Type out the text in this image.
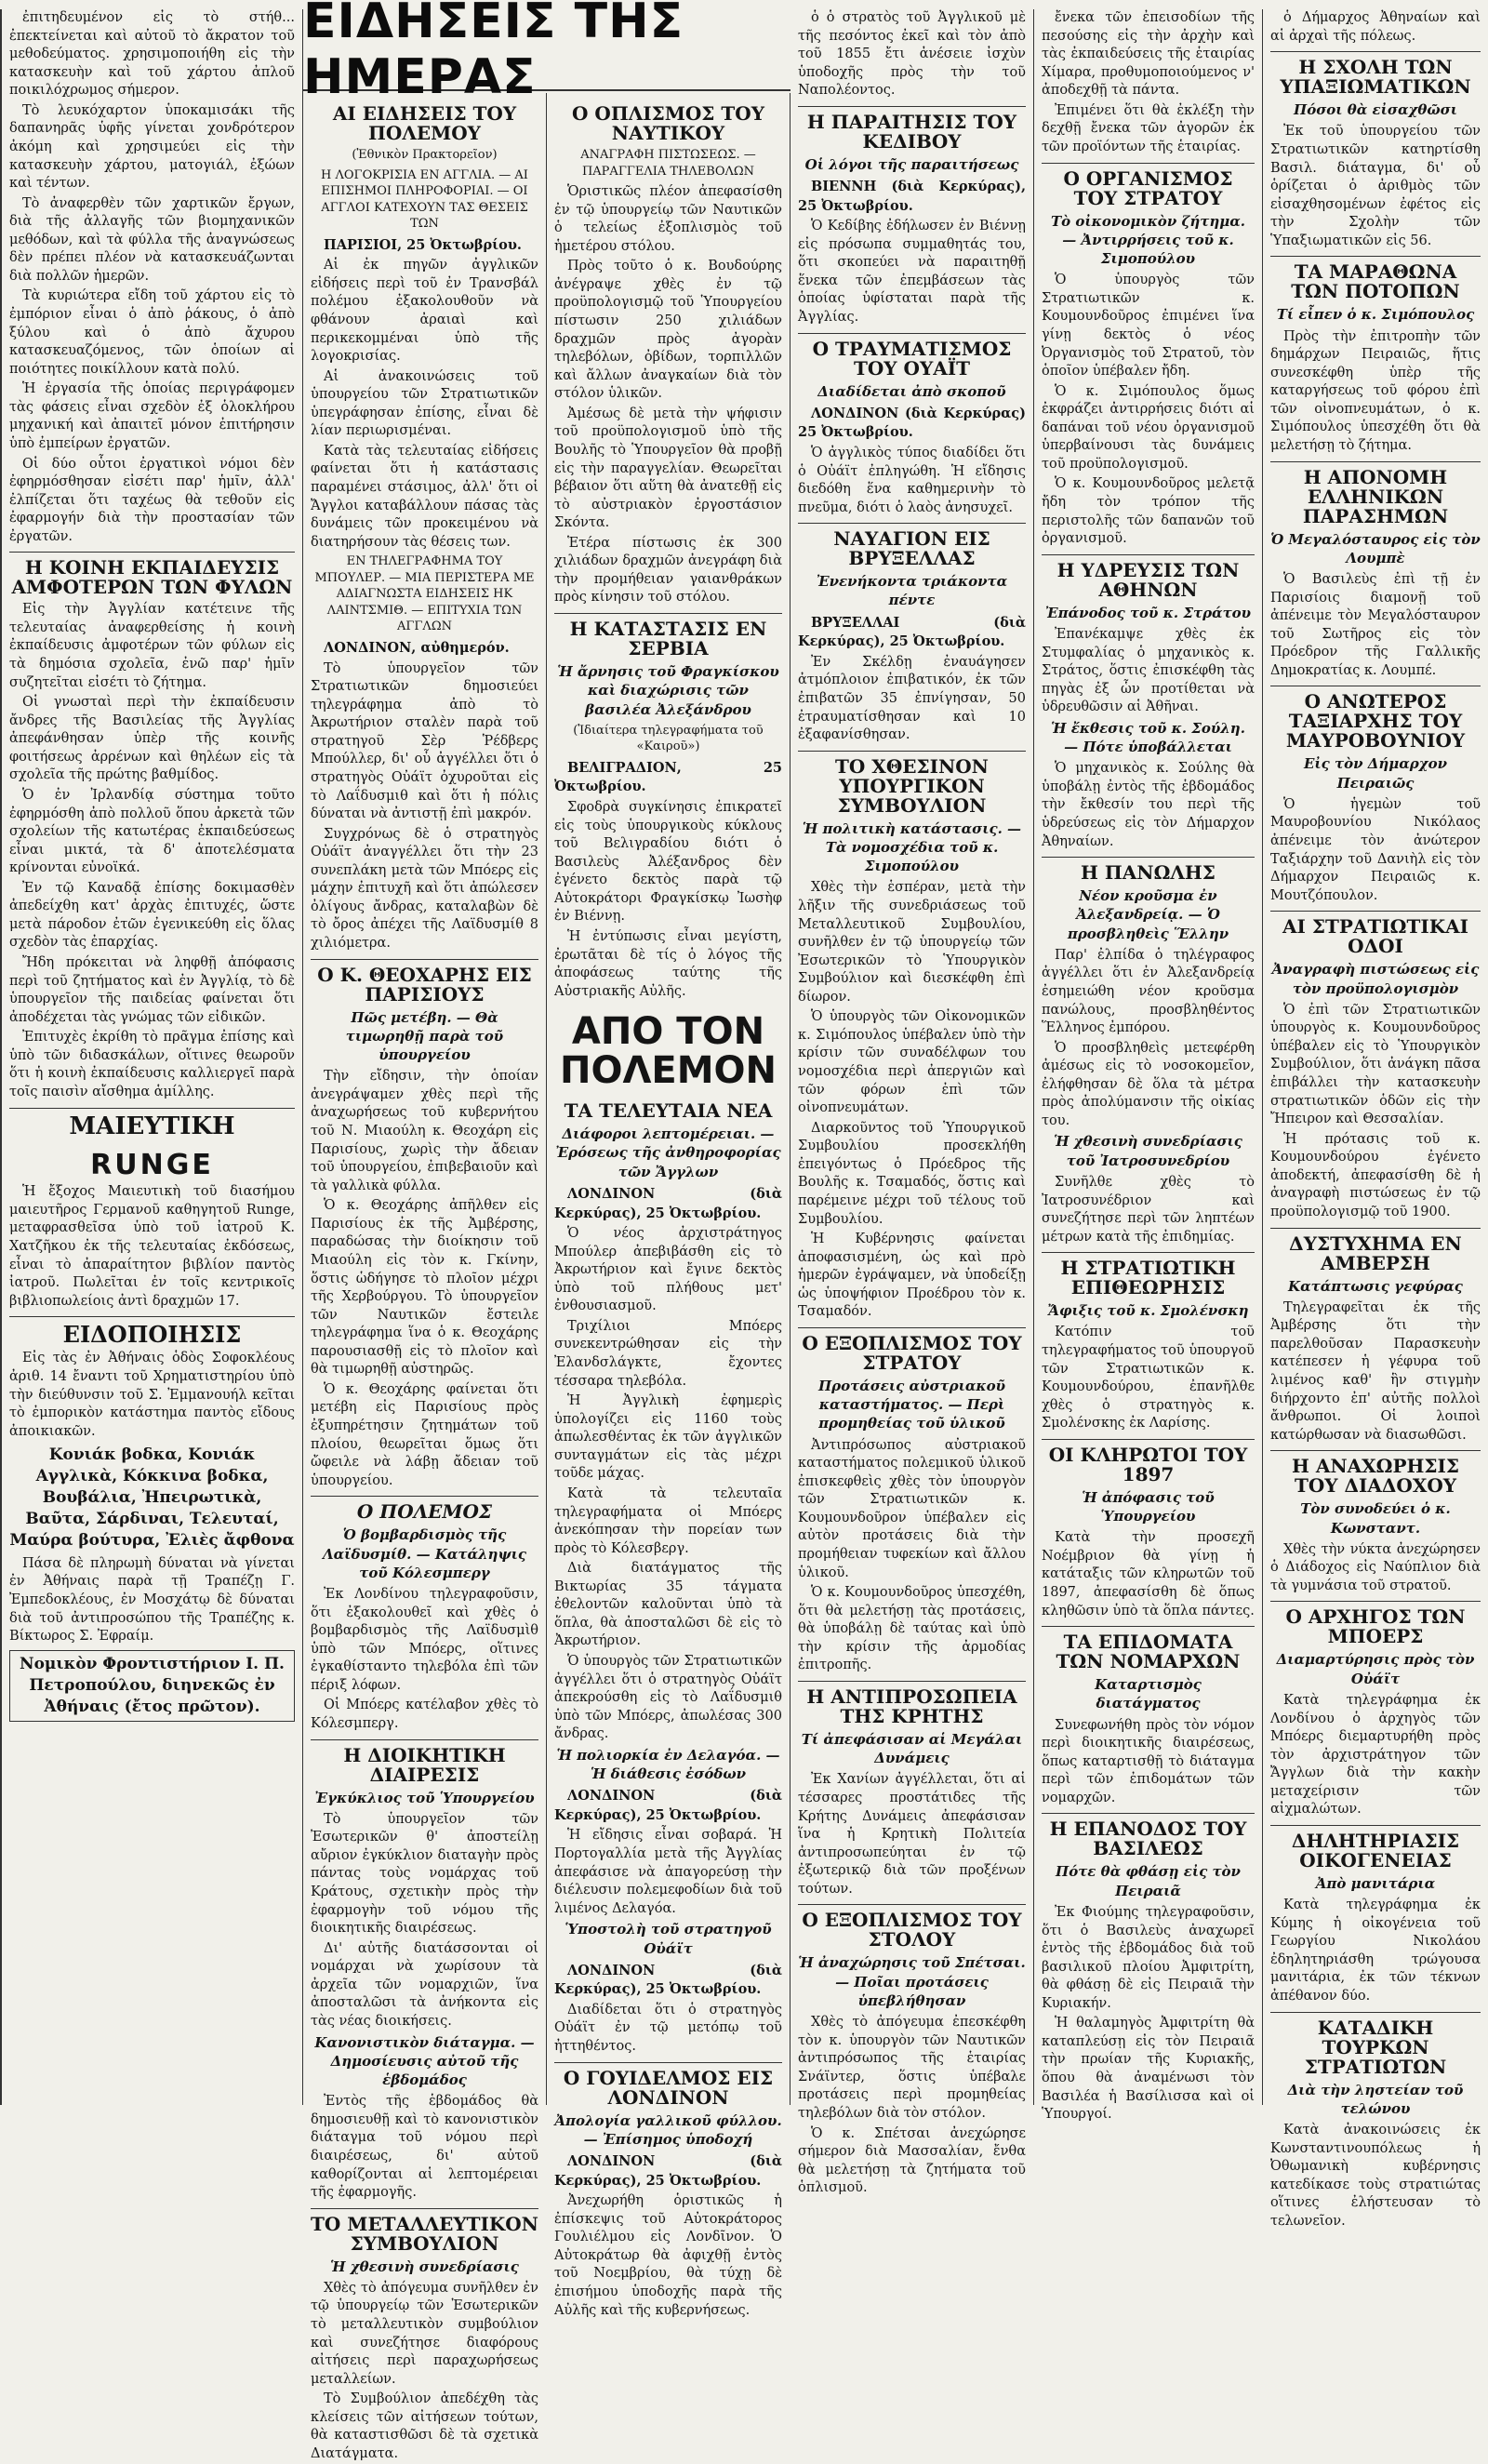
ΕΙΔΗΣΕΙΣ ΤΗΣ ΗΜΕΡΑΣ

ἐπιτηδευμένον εἰς τὸ στήθ... ἐπεκτείνεται καὶ αὐτοῦ τὸ ἄκρατον τοῦ μεθοδεύματος. χρησιμοποιήθη εἰς τὴν κατασκευὴν καὶ τοῦ χάρτου ἀπλοῦ ποικιλόχρωμος σήμερον.

Τὸ λευκόχαρτον ὑποκαμισάκι τῆς δαπανηρᾶς ὑφῆς γίνεται χονδρότερον ἀκόμη καὶ χρησιμεύει εἰς τὴν κατασκευὴν χάρτου, ματογιάλ, ἐξώων καὶ τέντων.

Τὸ ἀναφερθὲν τῶν χαρτικῶν ἔργων, διὰ τῆς ἀλλαγῆς τῶν βιομηχανικῶν μεθόδων, καὶ τὰ φύλλα τῆς ἀναγνώσεως δὲν πρέπει πλέον νὰ κατασκευάζωνται διὰ πολλῶν ἡμερῶν.

Τὰ κυριώτερα εἴδη τοῦ χάρτου εἰς τὸ ἐμπόριον εἶναι ὁ ἀπὸ ῥάκους, ὁ ἀπὸ ξύλου καὶ ὁ ἀπὸ ἄχυρου κατασκευαζόμενος, τῶν ὁποίων αἱ ποιότητες ποικίλλουν κατὰ πολύ.

Ἡ ἐργασία τῆς ὁποίας περιγράφομεν τὰς φάσεις εἶναι σχεδὸν ἐξ ὁλοκλήρου μηχανική καὶ ἀπαιτεῖ μόνον ἐπιτήρησιν ὑπὸ ἐμπείρων ἐργατῶν.

Οἱ δύο οὗτοι ἐργατικοὶ νόμοι δὲν ἐφηρμόσθησαν εἰσέτι παρ' ἡμῖν, ἀλλ' ἐλπίζεται ὅτι ταχέως θὰ τεθοῦν εἰς ἐφαρμογήν διὰ τὴν προστασίαν τῶν ἐργατῶν.

Η ΚΟΙΝΗ ΕΚΠΑΙΔΕΥΣΙΣ ΑΜΦΟΤΕΡΩΝ ΤΩΝ ΦΥΛΩΝ

Εἰς τὴν Ἀγγλίαν κατέτεινε τῆς τελευταίας ἀναφερθείσης ἡ κοινὴ ἐκπαίδευσις ἀμφοτέρων τῶν φύλων εἰς τὰ δημόσια σχολεῖα, ἐνῶ παρ' ἡμῖν συζητεῖται εἰσέτι τὸ ζήτημα.

Οἱ γνωσταὶ περὶ τὴν ἐκπαίδευσιν ἄνδρες τῆς Βασιλείας τῆς Ἀγγλίας ἀπεφάνθησαν ὑπὲρ τῆς κοινῆς φοιτήσεως ἀρρένων καὶ θηλέων εἰς τὰ σχολεῖα τῆς πρώτης βαθμίδος.

Ὁ ἐν Ἰρλανδίᾳ σύστημα τοῦτο ἐφηρμόσθη ἀπὸ πολλοῦ ὅπου ἀρκετὰ τῶν σχολείων τῆς κατωτέρας ἐκπαιδεύσεως εἶναι μικτά, τὰ δ' ἀποτελέσματα κρίνονται εὐνοϊκά.

Ἐν τῷ Καναδᾷ ἐπίσης δοκιμασθὲν ἀπεδείχθη κατ' ἀρχὰς ἐπιτυχές, ὥστε μετὰ πάροδον ἐτῶν ἐγενικεύθη εἰς ὅλας σχεδὸν τὰς ἐπαρχίας.

Ἤδη πρόκειται νὰ ληφθῇ ἀπόφασις περὶ τοῦ ζητήματος καὶ ἐν Ἀγγλίᾳ, τὸ δὲ ὑπουργεῖον τῆς παιδείας φαίνεται ὅτι ἀποδέχεται τὰς γνώμας τῶν εἰδικῶν.

Ἐπιτυχὲς ἐκρίθη τὸ πρᾶγμα ἐπίσης καὶ ὑπὸ τῶν διδασκάλων, οἵτινες θεωροῦν ὅτι ἡ κοινὴ ἐκπαίδευσις καλλιεργεῖ παρὰ τοῖς παισὶν αἴσθημα ἁμίλλης.

ΜΑΙΕΥΤΙΚΗ
RUNGE

Ἡ ἔξοχος Μαιευτικὴ τοῦ διασήμου μαιευτῆρος Γερμανοῦ καθηγητοῦ Runge, μεταφρασθεῖσα ὑπὸ τοῦ ἰατροῦ Κ. Χατζῆκου ἐκ τῆς τελευταίας ἐκδόσεως, εἶναι τὸ ἀπαραίτητον βιβλίον παντὸς ἰατροῦ. Πωλεῖται ἐν τοῖς κεντρικοῖς βιβλιοπωλείοις ἀντὶ δραχμῶν 17.

ΕΙΔΟΠΟΙΗΣΙΣ

Εἰς τὰς ἐν Ἀθήναις ὁδὸς Σοφοκλέους ἀριθ. 14 ἔναντι τοῦ Χρηματιστηρίου ὑπὸ τὴν διεύθυνσιν τοῦ Σ. Ἐμμανουήλ κεῖται τὸ ἐμπορικὸν κατάστημα παντὸς εἴδους ἀποικιακῶν.

Κονιάκ βοδκα, Κονιάκ Αγγλικὰ, Κόκκινα βοδκα, Βουβάλια, Ἠπειρωτικὰ, Βαῦτα, Σάρδιναι, Τελευταί, Μαύρα βούτυρα, Ἐλιὲς ἄφθονα

Πάσα δὲ πληρωμὴ δύναται νὰ γίνεται ἐν Ἀθήναις παρὰ τῇ Τραπέζῃ Γ. Ἐμπεδοκλέους, ἐν Μοσχάτῳ δὲ δύναται διὰ τοῦ ἀντιπροσώπου τῆς Τραπέζης κ. Βίκτωρος Σ. Ἐφραίμ.

Νομικὸν Φροντιστήριον I. Π. Πετροπούλου, διηνεκῶς ἐν Ἀθήναις (ἔτος πρῶτον).
ΑΙ ΕΙΔΗΣΕΙΣ ΤΟΥ ΠΟΛΕΜΟΥ
(Ἐθνικὸν Πρακτορεῖον)
Η ΛΟΓΟΚΡΙΣΙΑ ΕΝ ΑΓΓΛΙΑ. — ΑΙ ΕΠΙΣΗΜΟΙ ΠΛΗΡΟΦΟΡΙΑΙ. — ΟΙ ΑΓΓΛΟΙ ΚΑΤΕΧΟΥΝ ΤΑΣ ΘΕΣΕΙΣ ΤΩΝ

ΠΑΡΙΣΙΟΙ, 25 Ὀκτωβρίου.

Αἱ ἐκ πηγῶν ἀγγλικῶν εἰδήσεις περὶ τοῦ ἐν Τρανσβάλ πολέμου ἐξακολουθοῦν νὰ φθάνουν ἀραιαὶ καὶ περικεκομμέναι ὑπὸ τῆς λογοκρισίας.

Αἱ ἀνακοινώσεις τοῦ ὑπουργείου τῶν Στρατιωτικῶν ὑπεγράφησαν ἐπίσης, εἶναι δὲ λίαν περιωρισμέναι.

Κατὰ τὰς τελευταίας εἰδήσεις φαίνεται ὅτι ἡ κατάστασις παραμένει στάσιμος, ἀλλ' ὅτι οἱ Ἄγγλοι καταβάλλουν πάσας τὰς δυνάμεις τῶν προκειμένου νὰ διατηρήσουν τὰς θέσεις των.

ΕΝ ΤΗΛΕΓΡΑΦΗΜΑ ΤΟΥ ΜΠΟΥΛΕΡ. — ΜΙΑ ΠΕΡΙΣΤΕΡΑ ΜΕ ΑΔΙΑΓΝΩΣΤΑ ΕΙΔΗΣΕΙΣ ΗΚ ΛΑΙΝΤΣΜΙΘ. — ΕΠΙΤΥΧΙΑ ΤΩΝ ΑΓΓΛΩΝ

ΛΟΝΔΙΝΟΝ, αὐθημερόν.

Τὸ ὑπουργεῖον τῶν Στρατιωτικῶν δημοσιεύει τηλεγράφημα ἀπὸ τὸ Ἀκρωτήριον σταλὲν παρὰ τοῦ στρατηγοῦ Σὲρ Ῥέδβερς Μπούλλερ, δι' οὗ ἀγγέλλει ὅτι ὁ στρατηγὸς Οὐάϊτ ὀχυροῦται εἰς τὸ Λαΐδυσμιθ καὶ ὅτι ἡ πόλις δύναται νὰ ἀντιστῇ ἐπὶ μακρόν.

Συγχρόνως δὲ ὁ στρατηγὸς Οὐάϊτ ἀναγγέλλει ὅτι τὴν 23 συνεπλάκη μετὰ τῶν Μπόερς εἰς μάχην ἐπιτυχῆ καὶ ὅτι ἀπώλεσεν ὀλίγους ἄνδρας, καταλαβὼν δὲ τὸ ὄρος ἀπέχει τῆς Λαϊδυσμίθ 8 χιλιόμετρα.

Ο Κ. ΘΕΟΧΑΡΗΣ ΕΙΣ ΠΑΡΙΣΙΟΥΣ
Πῶς μετέβη. — Θὰ τιμωρηθῇ παρὰ τοῦ ὑπουργείου

Τὴν εἴδησιν, τὴν ὁποίαν ἀνεγράψαμεν χθὲς περὶ τῆς ἀναχωρήσεως τοῦ κυβερνήτου τοῦ Ν. Μιαούλη κ. Θεοχάρη εἰς Παρισίους, χωρὶς τὴν ἄδειαν τοῦ ὑπουργείου, ἐπιβεβαιοῦν καὶ τὰ γαλλικὰ φύλλα.

Ὁ κ. Θεοχάρης ἀπῆλθεν εἰς Παρισίους ἐκ τῆς Ἀμβέρσης, παραδώσας τὴν διοίκησιν τοῦ Μιαούλη εἰς τὸν κ. Γκίνην, ὅστις ὡδήγησε τὸ πλοῖον μέχρι τῆς Χερβούργου. Τὸ ὑπουργεῖον τῶν Ναυτικῶν ἔστειλε τηλεγράφημα ἵνα ὁ κ. Θεοχάρης παρουσιασθῇ εἰς τὸ πλοῖον καὶ θὰ τιμωρηθῇ αὐστηρῶς.

Ὁ κ. Θεοχάρης φαίνεται ὅτι μετέβη εἰς Παρισίους πρὸς ἐξυπηρέτησιν ζητημάτων τοῦ πλοίου, θεωρεῖται ὅμως ὅτι ὤφειλε νὰ λάβῃ ἄδειαν τοῦ ὑπουργείου.

Ο ΠΟΛΕΜΟΣ
Ὁ βομβαρδισμὸς τῆς Λαϊδυσμίθ. — Κατάληψις τοῦ Κόλεσμπεργ

Ἐκ Λονδίνου τηλεγραφοῦσιν, ὅτι ἐξακολουθεῖ καὶ χθὲς ὁ βομβαρδισμὸς τῆς Λαϊδυσμὶθ ὑπὸ τῶν Μπόερς, οἵτινες ἐγκαθίσταντο τηλεβόλα ἐπὶ τῶν πέριξ λόφων.

Οἱ Μπόερς κατέλαβον χθὲς τὸ Κόλεσμπεργ.

Η ΔΙΟΙΚΗΤΙΚΗ ΔΙΑΙΡΕΣΙΣ
Ἐγκύκλιος τοῦ Ὑπουργείου

Τὸ ὑπουργεῖον τῶν Ἐσωτερικῶν θ' ἀποστείλῃ αὔριον ἐγκύκλιον διαταγὴν πρὸς πάντας τοὺς νομάρχας τοῦ Κράτους, σχετικὴν πρὸς τὴν ἐφαρμογὴν τοῦ νόμου τῆς διοικητικῆς διαιρέσεως.

Δι' αὐτῆς διατάσσονται οἱ νομάρχαι νὰ χωρίσουν τὰ ἀρχεῖα τῶν νομαρχιῶν, ἵνα ἀποσταλῶσι τὰ ἀνήκοντα εἰς τὰς νέας διοικήσεις.

Κανονιστικὸν διάταγμα. — Δημοσίευσις αὐτοῦ τῆς ἑβδομάδος

Ἐντὸς τῆς ἑβδομάδος θὰ δημοσιευθῇ καὶ τὸ κανονιστικὸν διάταγμα τοῦ νόμου περὶ διαιρέσεως, δι' αὐτοῦ καθορίζονται αἱ λεπτομέρειαι τῆς ἐφαρμογῆς.

ΤΟ ΜΕΤΑΛΛΕΥΤΙΚΟΝ ΣΥΜΒΟΥΛΙΟΝ
Ἡ χθεσινὴ συνεδρίασις

Χθὲς τὸ ἀπόγευμα συνῆλθεν ἐν τῷ ὑπουργείῳ τῶν Ἐσωτερικῶν τὸ μεταλλευτικὸν συμβούλιον καὶ συνεζήτησε διαφόρους αἰτήσεις περὶ παραχωρήσεως μεταλλείων.

Τὸ Συμβούλιον ἀπεδέχθη τὰς κλείσεις τῶν αἰτήσεων τούτων, θὰ καταστισθῶσι δὲ τὰ σχετικὰ Διατάγματα.

Ο ΟΠΛΙΣΜΟΣ ΤΟΥ ΝΑΥΤΙΚΟΥ
ΑΝΑΓΡΑΦΗ ΠΙΣΤΩΣΕΩΣ. — ΠΑΡΑΓΓΕΛΙΑ ΤΗΛΕΒΟΛΩΝ

Ὁριστικῶς πλέον ἀπεφασίσθη ἐν τῷ ὑπουργείῳ τῶν Ναυτικῶν ὁ τελείως ἐξοπλισμὸς τοῦ ἡμετέρου στόλου.

Πρὸς τοῦτο ὁ κ. Βουδούρης ἀνέγραψε χθὲς ἐν τῷ προϋπολογισμῷ τοῦ Ὑπουργείου πίστωσιν 250 χιλιάδων δραχμῶν πρὸς ἀγορὰν τηλεβόλων, ὀβίδων, τορπιλλῶν καὶ ἄλλων ἀναγκαίων διὰ τὸν στόλον ὑλικῶν.

Ἀμέσως δὲ μετὰ τὴν ψήφισιν τοῦ προϋπολογισμοῦ ὑπὸ τῆς Βουλῆς τὸ Ὑπουργεῖον θὰ προβῇ εἰς τὴν παραγγελίαν. Θεωρεῖται βέβαιον ὅτι αὕτη θὰ ἀνατεθῇ εἰς τὸ αὐστριακὸν ἐργοστάσιον Σκόντα.

Ἑτέρα πίστωσις ἐκ 300 χιλιάδων δραχμῶν ἀνεγράφη διὰ τὴν προμήθειαν γαιανθράκων πρὸς κίνησιν τοῦ στόλου.

Η ΚΑΤΑΣΤΑΣΙΣ ΕΝ ΣΕΡΒΙΑ
Ἡ ἄρνησις τοῦ Φραγκίσκου καὶ διαχώρισις τῶν βασιλέα Ἀλεξάνδρου
(Ἰδιαίτερα τηλεγραφήματα τοῦ «Καιροῦ»)

ΒΕΛΙΓΡΑΔΙΟΝ, 25 Ὀκτωβρίου.

Σφοδρὰ συγκίνησις ἐπικρατεῖ εἰς τοὺς ὑπουργικοὺς κύκλους τοῦ Βελιγραδίου διότι ὁ Βασιλεὺς Ἀλέξανδρος δὲν ἐγένετο δεκτὸς παρὰ τῷ Αὐτοκράτορι Φραγκίσκῳ Ἰωσὴφ ἐν Βιέννῃ.

Ἡ ἐντύπωσις εἶναι μεγίστη, ἐρωτᾶται δὲ τίς ὁ λόγος τῆς ἀποφάσεως ταύτης τῆς Αὐστριακῆς Αὐλῆς.

ΑΠΟ ΤΟΝ ΠΟΛΕΜΟΝ
ΤΑ ΤΕΛΕΥΤΑΙΑ ΝΕΑ
Διάφοροι λεπτομέρειαι. — Ἐρόσεως τῆς ἀνθηροφορίας τῶν Ἄγγλων

ΛΟΝΔΙΝΟΝ (διὰ Κερκύρας), 25 Ὀκτωβρίου.

Ὁ νέος ἀρχιστράτηγος Μπούλερ ἀπεβιβάσθη εἰς τὸ Ἀκρωτήριον καὶ ἔγινε δεκτὸς ὑπὸ τοῦ πλήθους μετ' ἐνθουσιασμοῦ.

Τριχίλιοι Μπόερς συνεκεντρώθησαν εἰς τὴν Ἐλανδσλάγκτε, ἔχοντες τέσσαρα τηλεβόλα.

Ἡ Ἀγγλικὴ ἐφημερὶς ὑπολογίζει εἰς 1160 τοὺς ἀπωλεσθέντας ἐκ τῶν ἀγγλικῶν συνταγμάτων εἰς τὰς μέχρι τοῦδε μάχας.

Κατὰ τὰ τελευταῖα τηλεγραφήματα οἱ Μπόερς ἀνεκόπησαν τὴν πορείαν των πρὸς τὸ Κόλεσβεργ.

Διὰ διατάγματος τῆς Βικτωρίας 35 τάγματα ἐθελοντῶν καλοῦνται ὑπὸ τὰ ὅπλα, θὰ ἀποσταλῶσι δὲ εἰς τὸ Ἀκρωτήριον.

Ὁ ὑπουργὸς τῶν Στρατιωτικῶν ἀγγέλλει ὅτι ὁ στρατηγὸς Οὐάϊτ ἀπεκρούσθη εἰς τὸ Λαΐδυσμιθ ὑπὸ τῶν Μπόερς, ἀπωλέσας 300 ἄνδρας.

Ἡ πολιορκία ἐν Δελαγόα. — Ἡ διάθεσις ἐσόδων

ΛΟΝΔΙΝΟΝ (διὰ Κερκύρας), 25 Ὀκτωβρίου.

Ἡ εἴδησις εἶναι σοβαρά. Ἡ Πορτογαλλία μετὰ τῆς Ἀγγλίας ἀπεφάσισε νὰ ἀπαγορεύσῃ τὴν διέλευσιν πολεμεφοδίων διὰ τοῦ λιμένος Δελαγόα.

Ὑποστολὴ τοῦ στρατηγοῦ Οὐάϊτ

ΛΟΝΔΙΝΟΝ (διὰ Κερκύρας), 25 Ὀκτωβρίου.

Διαδίδεται ὅτι ὁ στρατηγὸς Οὐάϊτ ἐν τῷ μετόπῳ τοῦ ἠττηθέντος.

Ο ΓΟΥΙΔΕΛΜΟΣ ΕΙΣ ΛΟΝΔΙΝΟΝ
Ἀπολογία γαλλικοῦ φύλλου. — Ἐπίσημος ὑποδοχή

ΛΟΝΔΙΝΟΝ (διὰ Κερκύρας), 25 Ὀκτωβρίου.

Ἀνεχωρήθη ὁριστικῶς ἡ ἐπίσκεψις τοῦ Αὐτοκράτορος Γουλιέλμου εἰς Λονδῖνον. Ὁ Αὐτοκράτωρ θὰ ἀφιχθῇ ἐντὸς τοῦ Νοεμβρίου, θὰ τύχῃ δὲ ἐπισήμου ὑποδοχῆς παρὰ τῆς Αὐλῆς καὶ τῆς κυβερνήσεως.

ὁ ὁ στρατὸς τοῦ Ἀγγλικοῦ μὲ τῆς πεσόντος ἐκεῖ καὶ τὸν ἀπὸ τοῦ 1855 ἔτι ἀνέσειε ἰσχὺν ὑποδοχῆς πρὸς τὴν τοῦ Ναπολέοντος.

Η ΠΑΡΑΙΤΗΣΙΣ ΤΟΥ ΚΕΔΙΒΟΥ
Οἱ λόγοι τῆς παραιτήσεως

ΒΙΕΝΝΗ (διὰ Κερκύρας), 25 Ὀκτωβρίου.

Ὁ Κεδίβης ἐδήλωσεν ἐν Βιέννῃ εἰς πρόσωπα συμμαθητάς του, ὅτι σκοπεύει νὰ παραιτηθῇ ἕνεκα τῶν ἐπεμβάσεων τὰς ὁποίας ὑφίσταται παρὰ τῆς Ἀγγλίας.

Ο ΤΡΑΥΜΑΤΙΣΜΟΣ ΤΟΥ ΟΥΑΪΤ
Διαδίδεται ἀπὸ σκοποῦ

ΛΟΝΔΙΝΟΝ (διὰ Κερκύρας) 25 Ὀκτωβρίου.

Ὁ ἀγγλικὸς τύπος διαδίδει ὅτι ὁ Οὐάϊτ ἐπληγώθη. Ἡ εἴδησις διεδόθη ἕνα καθημερινὴν τὸ πνεῦμα, διότι ὁ λαὸς ἀνησυχεῖ.

ΝΑΥΑΓΙΟΝ ΕΙΣ ΒΡΥΞΕΛΛΑΣ
Ἐνενήκοντα τριάκοντα πέντε

ΒΡΥΞΕΛΛΑΙ (διὰ Κερκύρας), 25 Ὀκτωβρίου.

Ἐν Σκέλδῃ ἐναυάγησεν ἀτμόπλοιον ἐπιβατικόν, ἐκ τῶν ἐπιβατῶν 35 ἐπνίγησαν, 50 ἐτραυματίσθησαν καὶ 10 ἐξαφανίσθησαν.

ΤΟ ΧΘΕΣΙΝΟΝ ΥΠΟΥΡΓΙΚΟΝ ΣΥΜΒΟΥΛΙΟΝ
Ἡ πολιτικὴ κατάστασις. — Τὰ νομοσχέδια τοῦ κ. Σιμοπούλου

Χθὲς τὴν ἑσπέραν, μετὰ τὴν λῆξιν τῆς συνεδριάσεως τοῦ Μεταλλευτικοῦ Συμβουλίου, συνῆλθεν ἐν τῷ ὑπουργείῳ τῶν Ἐσωτερικῶν τὸ Ὑπουργικὸν Συμβούλιον καὶ διεσκέφθη ἐπὶ δίωρον.

Ὁ ὑπουργὸς τῶν Οἰκονομικῶν κ. Σιμόπουλος ὑπέβαλεν ὑπὸ τὴν κρίσιν τῶν συναδέλφων του νομοσχέδια περὶ ἀπεργιῶν καὶ τῶν φόρων ἐπὶ τῶν οἰνοπνευμάτων.

Διαρκοῦντος τοῦ Ὑπουργικοῦ Συμβουλίου προσεκλήθη ἐπειγόντως ὁ Πρόεδρος τῆς Βουλῆς κ. Τσαμαδός, ὅστις καὶ παρέμεινε μέχρι τοῦ τέλους τοῦ Συμβουλίου.

Ἡ Κυβέρνησις φαίνεται ἀποφασισμένη, ὡς καὶ πρὸ ἡμερῶν ἐγράψαμεν, νὰ ὑποδείξῃ ὡς ὑποψήφιον Προέδρου τὸν κ. Τσαμαδόν.

Ο ΕΞΟΠΛΙΣΜΟΣ ΤΟΥ ΣΤΡΑΤΟΥ
Προτάσεις αὐστριακοῦ καταστήματος. — Περὶ προμηθείας τοῦ ὑλικοῦ

Ἀντιπρόσωπος αὐστριακοῦ καταστήματος πολεμικοῦ ὑλικοῦ ἐπισκεφθεὶς χθὲς τὸν ὑπουργὸν τῶν Στρατιωτικῶν κ. Κουμουνδοῦρον ὑπέβαλεν εἰς αὐτὸν προτάσεις διὰ τὴν προμήθειαν τυφεκίων καὶ ἄλλου ὑλικοῦ.

Ὁ κ. Κουμουνδοῦρος ὑπεσχέθη, ὅτι θὰ μελετήσῃ τὰς προτάσεις, θὰ ὑποβάλῃ δὲ ταύτας καὶ ὑπὸ τὴν κρίσιν τῆς ἀρμοδίας ἐπιτροπῆς.

Η ΑΝΤΙΠΡΟΣΩΠΕΙΑ ΤΗΣ ΚΡΗΤΗΣ
Τί ἀπεφάσισαν αἱ Μεγάλαι Δυνάμεις

Ἐκ Χανίων ἀγγέλλεται, ὅτι αἱ τέσσαρες προστάτιδες τῆς Κρήτης Δυνάμεις ἀπεφάσισαν ἵνα ἡ Κρητικὴ Πολιτεία ἀντιπροσωπεύηται ἐν τῷ ἐξωτερικῷ διὰ τῶν προξένων τούτων.

Ο ΕΞΟΠΛΙΣΜΟΣ ΤΟΥ ΣΤΟΛΟΥ
Ἡ ἀναχώρησις τοῦ Σπέτσαι. — Ποῖαι προτάσεις ὑπεβλήθησαν

Χθὲς τὸ ἀπόγευμα ἐπεσκέφθη τὸν κ. ὑπουργὸν τῶν Ναυτικῶν ἀντιπρόσωπος τῆς ἑταιρίας Σνάϊντερ, ὅστις ὑπέβαλε προτάσεις περὶ προμηθείας τηλεβόλων διὰ τὸν στόλον.

Ὁ κ. Σπέτσαι ἀνεχώρησε σήμερον διὰ Μασσαλίαν, ἔνθα θὰ μελετήσῃ τὰ ζητήματα τοῦ ὁπλισμοῦ.

ἔνεκα τῶν ἐπεισοδίων τῆς πεσούσης εἰς τὴν ἀρχὴν καὶ τὰς ἐκπαιδεύσεις τῆς ἑταιρίας Χίμαρα, προθυμοποιούμενος ν' ἀποδεχθῇ τὰ πάντα.

Ἐπιμένει ὅτι θὰ ἐκλέξη τὴν δεχθῇ ἔνεκα τῶν ἀγορῶν ἐκ τῶν προϊόντων τῆς ἑταιρίας.

Ο ΟΡΓΑΝΙΣΜΟΣ ΤΟΥ ΣΤΡΑΤΟΥ
Τὸ οἰκονομικὸν ζήτημα. — Ἀντιρρήσεις τοῦ κ. Σιμοπούλου

Ὁ ὑπουργὸς τῶν Στρατιωτικῶν κ. Κουμουνδοῦρος ἐπιμένει ἵνα γίνῃ δεκτὸς ὁ νέος Ὀργανισμὸς τοῦ Στρατοῦ, τὸν ὁποῖον ὑπέβαλεν ἤδη.

Ὁ κ. Σιμόπουλος ὅμως ἐκφράζει ἀντιρρήσεις διότι αἱ δαπάναι τοῦ νέου ὀργανισμοῦ ὑπερβαίνουσι τὰς δυνάμεις τοῦ προϋπολογισμοῦ.

Ὁ κ. Κουμουνδοῦρος μελετᾷ ἤδη τὸν τρόπον τῆς περιστολῆς τῶν δαπανῶν τοῦ ὀργανισμοῦ.

Η ΥΔΡΕΥΣΙΣ ΤΩΝ ΑΘΗΝΩΝ
Ἐπάνοδος τοῦ κ. Στράτου

Ἐπανέκαμψε χθὲς ἐκ Στυμφαλίας ὁ μηχανικὸς κ. Στράτος, ὅστις ἐπισκέφθη τὰς πηγὰς ἐξ ὧν προτίθεται νὰ ὑδρευθῶσιν αἱ Ἀθῆναι.

Ἡ ἔκθεσις τοῦ κ. Σούλη. — Πότε ὑποβάλλεται

Ὁ μηχανικὸς κ. Σούλης θὰ ὑποβάλῃ ἐντὸς τῆς ἑβδομάδος τὴν ἔκθεσίν του περὶ τῆς ὑδρεύσεως εἰς τὸν Δήμαρχον Ἀθηναίων.

Η ΠΑΝΩΛΗΣ
Νέον κροῦσμα ἐν Ἀλεξανδρείᾳ. — Ὁ προσβληθεὶς Ἕλλην

Παρ' ἐλπίδα ὁ τηλέγραφος ἀγγέλλει ὅτι ἐν Ἀλεξανδρείᾳ ἐσημειώθη νέον κροῦσμα πανώλους, προσβληθέντος Ἕλληνος ἐμπόρου.

Ὁ προσβληθεὶς μετεφέρθη ἀμέσως εἰς τὸ νοσοκομεῖον, ἐλήφθησαν δὲ ὅλα τὰ μέτρα πρὸς ἀπολύμανσιν τῆς οἰκίας του.

Ἡ χθεσινὴ συνεδρίασις τοῦ Ἰατροσυνεδρίου

Συνῆλθε χθὲς τὸ Ἰατροσυνέδριον καὶ συνεζήτησε περὶ τῶν ληπτέων μέτρων κατὰ τῆς ἐπιδημίας.

Η ΣΤΡΑΤΙΩΤΙΚΗ ΕΠΙΘΕΩΡΗΣΙΣ
Ἄφιξις τοῦ κ. Σμολένσκη

Κατόπιν τοῦ τηλεγραφήματος τοῦ ὑπουργοῦ τῶν Στρατιωτικῶν κ. Κουμουνδούρου, ἐπανῆλθε χθὲς ὁ στρατηγὸς κ. Σμολένσκης ἐκ Λαρίσης.

ΟΙ ΚΛΗΡΩΤΟΙ ΤΟΥ 1897
Ἡ ἀπόφασις τοῦ Ὑπουργείου

Κατὰ τὴν προσεχῆ Νοέμβριον θὰ γίνῃ ἡ κατάταξις τῶν κληρωτῶν τοῦ 1897, ἀπεφασίσθη δὲ ὅπως κληθῶσιν ὑπὸ τὰ ὅπλα πάντες.

ΤΑ ΕΠΙΔΟΜΑΤΑ ΤΩΝ ΝΟΜΑΡΧΩΝ
Καταρτισμὸς διατάγματος

Συνεφωνήθη πρὸς τὸν νόμον περὶ διοικητικῆς διαιρέσεως, ὅπως καταρτισθῇ τὸ διάταγμα περὶ τῶν ἐπιδομάτων τῶν νομαρχῶν.

Η ΕΠΑΝΟΔΟΣ ΤΟΥ ΒΑΣΙΛΕΩΣ
Πότε θὰ φθάσῃ εἰς τὸν Πειραιᾶ

Ἐκ Φιούμης τηλεγραφοῦσιν, ὅτι ὁ Βασιλεὺς ἀναχωρεῖ ἐντὸς τῆς ἑβδομάδος διὰ τοῦ βασιλικοῦ πλοίου Ἀμφιτρίτη, θὰ φθάσῃ δὲ εἰς Πειραιᾶ τὴν Κυριακήν.

Ἡ θαλαμηγὸς Ἀμφιτρίτη θὰ καταπλεύσῃ εἰς τὸν Πειραιᾶ τὴν πρωίαν τῆς Κυριακῆς, ὅπου θὰ ἀναμένωσι τὸν Βασιλέα ἡ Βασίλισσα καὶ οἱ Ὑπουργοί.

ὁ Δήμαρχος Ἀθηναίων καὶ αἱ ἀρχαὶ τῆς πόλεως.

Η ΣΧΟΛΗ ΤΩΝ ΥΠΑΞΙΩΜΑΤΙΚΩΝ
Πόσοι θὰ εἰσαχθῶσι

Ἐκ τοῦ ὑπουργείου τῶν Στρατιωτικῶν κατηρτίσθη Βασιλ. διάταγμα, δι' οὗ ὁρίζεται ὁ ἀριθμὸς τῶν εἰσαχθησομένων ἐφέτος εἰς τὴν Σχολὴν τῶν Ὑπαξιωματικῶν εἰς 56.

ΤΑ ΜΑΡΑΘΩΝΑ ΤΩΝ ΠΟΤΟΠΩΝ
Τί εἶπεν ὁ κ. Σιμόπουλος

Πρὸς τὴν ἐπιτροπὴν τῶν δημάρχων Πειραιῶς, ἥτις συνεσκέφθη ὑπὲρ τῆς καταργήσεως τοῦ φόρου ἐπὶ τῶν οἰνοπνευμάτων, ὁ κ. Σιμόπουλος ὑπεσχέθη ὅτι θὰ μελετήσῃ τὸ ζήτημα.

Η ΑΠΟΝΟΜΗ ΕΛΛΗΝΙΚΩΝ ΠΑΡΑΣΗΜΩΝ
Ὁ Μεγαλόσταυρος εἰς τὸν Λουμπὲ

Ὁ Βασιλεὺς ἐπὶ τῇ ἐν Παρισίοις διαμονῇ τοῦ ἀπένειμε τὸν Μεγαλόσταυρον τοῦ Σωτῆρος εἰς τὸν Πρόεδρον τῆς Γαλλικῆς Δημοκρατίας κ. Λουμπέ.

Ο ΑΝΩΤΕΡΟΣ ΤΑΞΙΑΡΧΗΣ ΤΟΥ ΜΑΥΡΟΒΟΥΝΙΟΥ
Εἰς τὸν Δήμαρχον Πειραιῶς

Ὁ ἡγεμὼν τοῦ Μαυροβουνίου Νικόλαος ἀπένειμε τὸν ἀνώτερον Ταξιάρχην τοῦ Δανιὴλ εἰς τὸν Δήμαρχον Πειραιῶς κ. Μουτζόπουλον.

ΑΙ ΣΤΡΑΤΙΩΤΙΚΑΙ ΟΔΟΙ
Ἀναγραφὴ πιστώσεως εἰς τὸν προϋπολογισμὸν

Ὁ ἐπὶ τῶν Στρατιωτικῶν ὑπουργὸς κ. Κουμουνδοῦρος ὑπέβαλεν εἰς τὸ Ὑπουργικὸν Συμβούλιον, ὅτι ἀνάγκη πᾶσα ἐπιβάλλει τὴν κατασκευὴν στρατιωτικῶν ὁδῶν εἰς τὴν Ἤπειρον καὶ Θεσσαλίαν.

Ἡ πρότασις τοῦ κ. Κουμουνδούρου ἐγένετο ἀποδεκτή, ἀπεφασίσθη δὲ ἡ ἀναγραφὴ πιστώσεως ἐν τῷ προϋπολογισμῷ τοῦ 1900.

ΔΥΣΤΥΧΗΜΑ ΕΝ ΑΜΒΕΡΣΗ
Κατάπτωσις γεφύρας

Τηλεγραφεῖται ἐκ τῆς Ἀμβέρσης ὅτι τὴν παρελθοῦσαν Παρασκευὴν κατέπεσεν ἡ γέφυρα τοῦ λιμένος καθ' ἣν στιγμὴν διήρχοντο ἐπ' αὐτῆς πολλοὶ ἄνθρωποι. Οἱ λοιποὶ κατώρθωσαν νὰ διασωθῶσι.

Η ΑΝΑΧΩΡΗΣΙΣ ΤΟΥ ΔΙΑΔΟΧΟΥ
Τὸν συνοδεύει ὁ κ. Κωνσταντ.

Χθὲς τὴν νύκτα ἀνεχώρησεν ὁ Διάδοχος εἰς Ναύπλιον διὰ τὰ γυμνάσια τοῦ στρατοῦ.

Ο ΑΡΧΗΓΟΣ ΤΩΝ ΜΠΟΕΡΣ
Διαμαρτύρησις πρὸς τὸν Οὐάϊτ

Κατὰ τηλεγράφημα ἐκ Λονδίνου ὁ ἀρχηγὸς τῶν Μπόερς διεμαρτυρήθη πρὸς τὸν ἀρχιστράτηγον τῶν Ἄγγλων διὰ τὴν κακὴν μεταχείρισιν τῶν αἰχμαλώτων.

ΔΗΛΗΤΗΡΙΑΣΙΣ ΟΙΚΟΓΕΝΕΙΑΣ
Ἀπὸ μανιτάρια

Κατὰ τηλεγράφημα ἐκ Κύμης ἡ οἰκογένεια τοῦ Γεωργίου Νικολάου ἐδηλητηριάσθη τρώγουσα μανιτάρια, ἐκ τῶν τέκνων ἀπέθανον δύο.

ΚΑΤΑΔΙΚΗ ΤΟΥΡΚΩΝ ΣΤΡΑΤΙΩΤΩΝ
Διὰ τὴν ληστείαν τοῦ τελώνου

Κατὰ ἀνακοινώσεις ἐκ Κωνσταντινουπόλεως ἡ Ὀθωμανικὴ κυβέρνησις κατεδίκασε τοὺς στρατιώτας οἵτινες ἐλήστευσαν τὸ τελωνεῖον.
